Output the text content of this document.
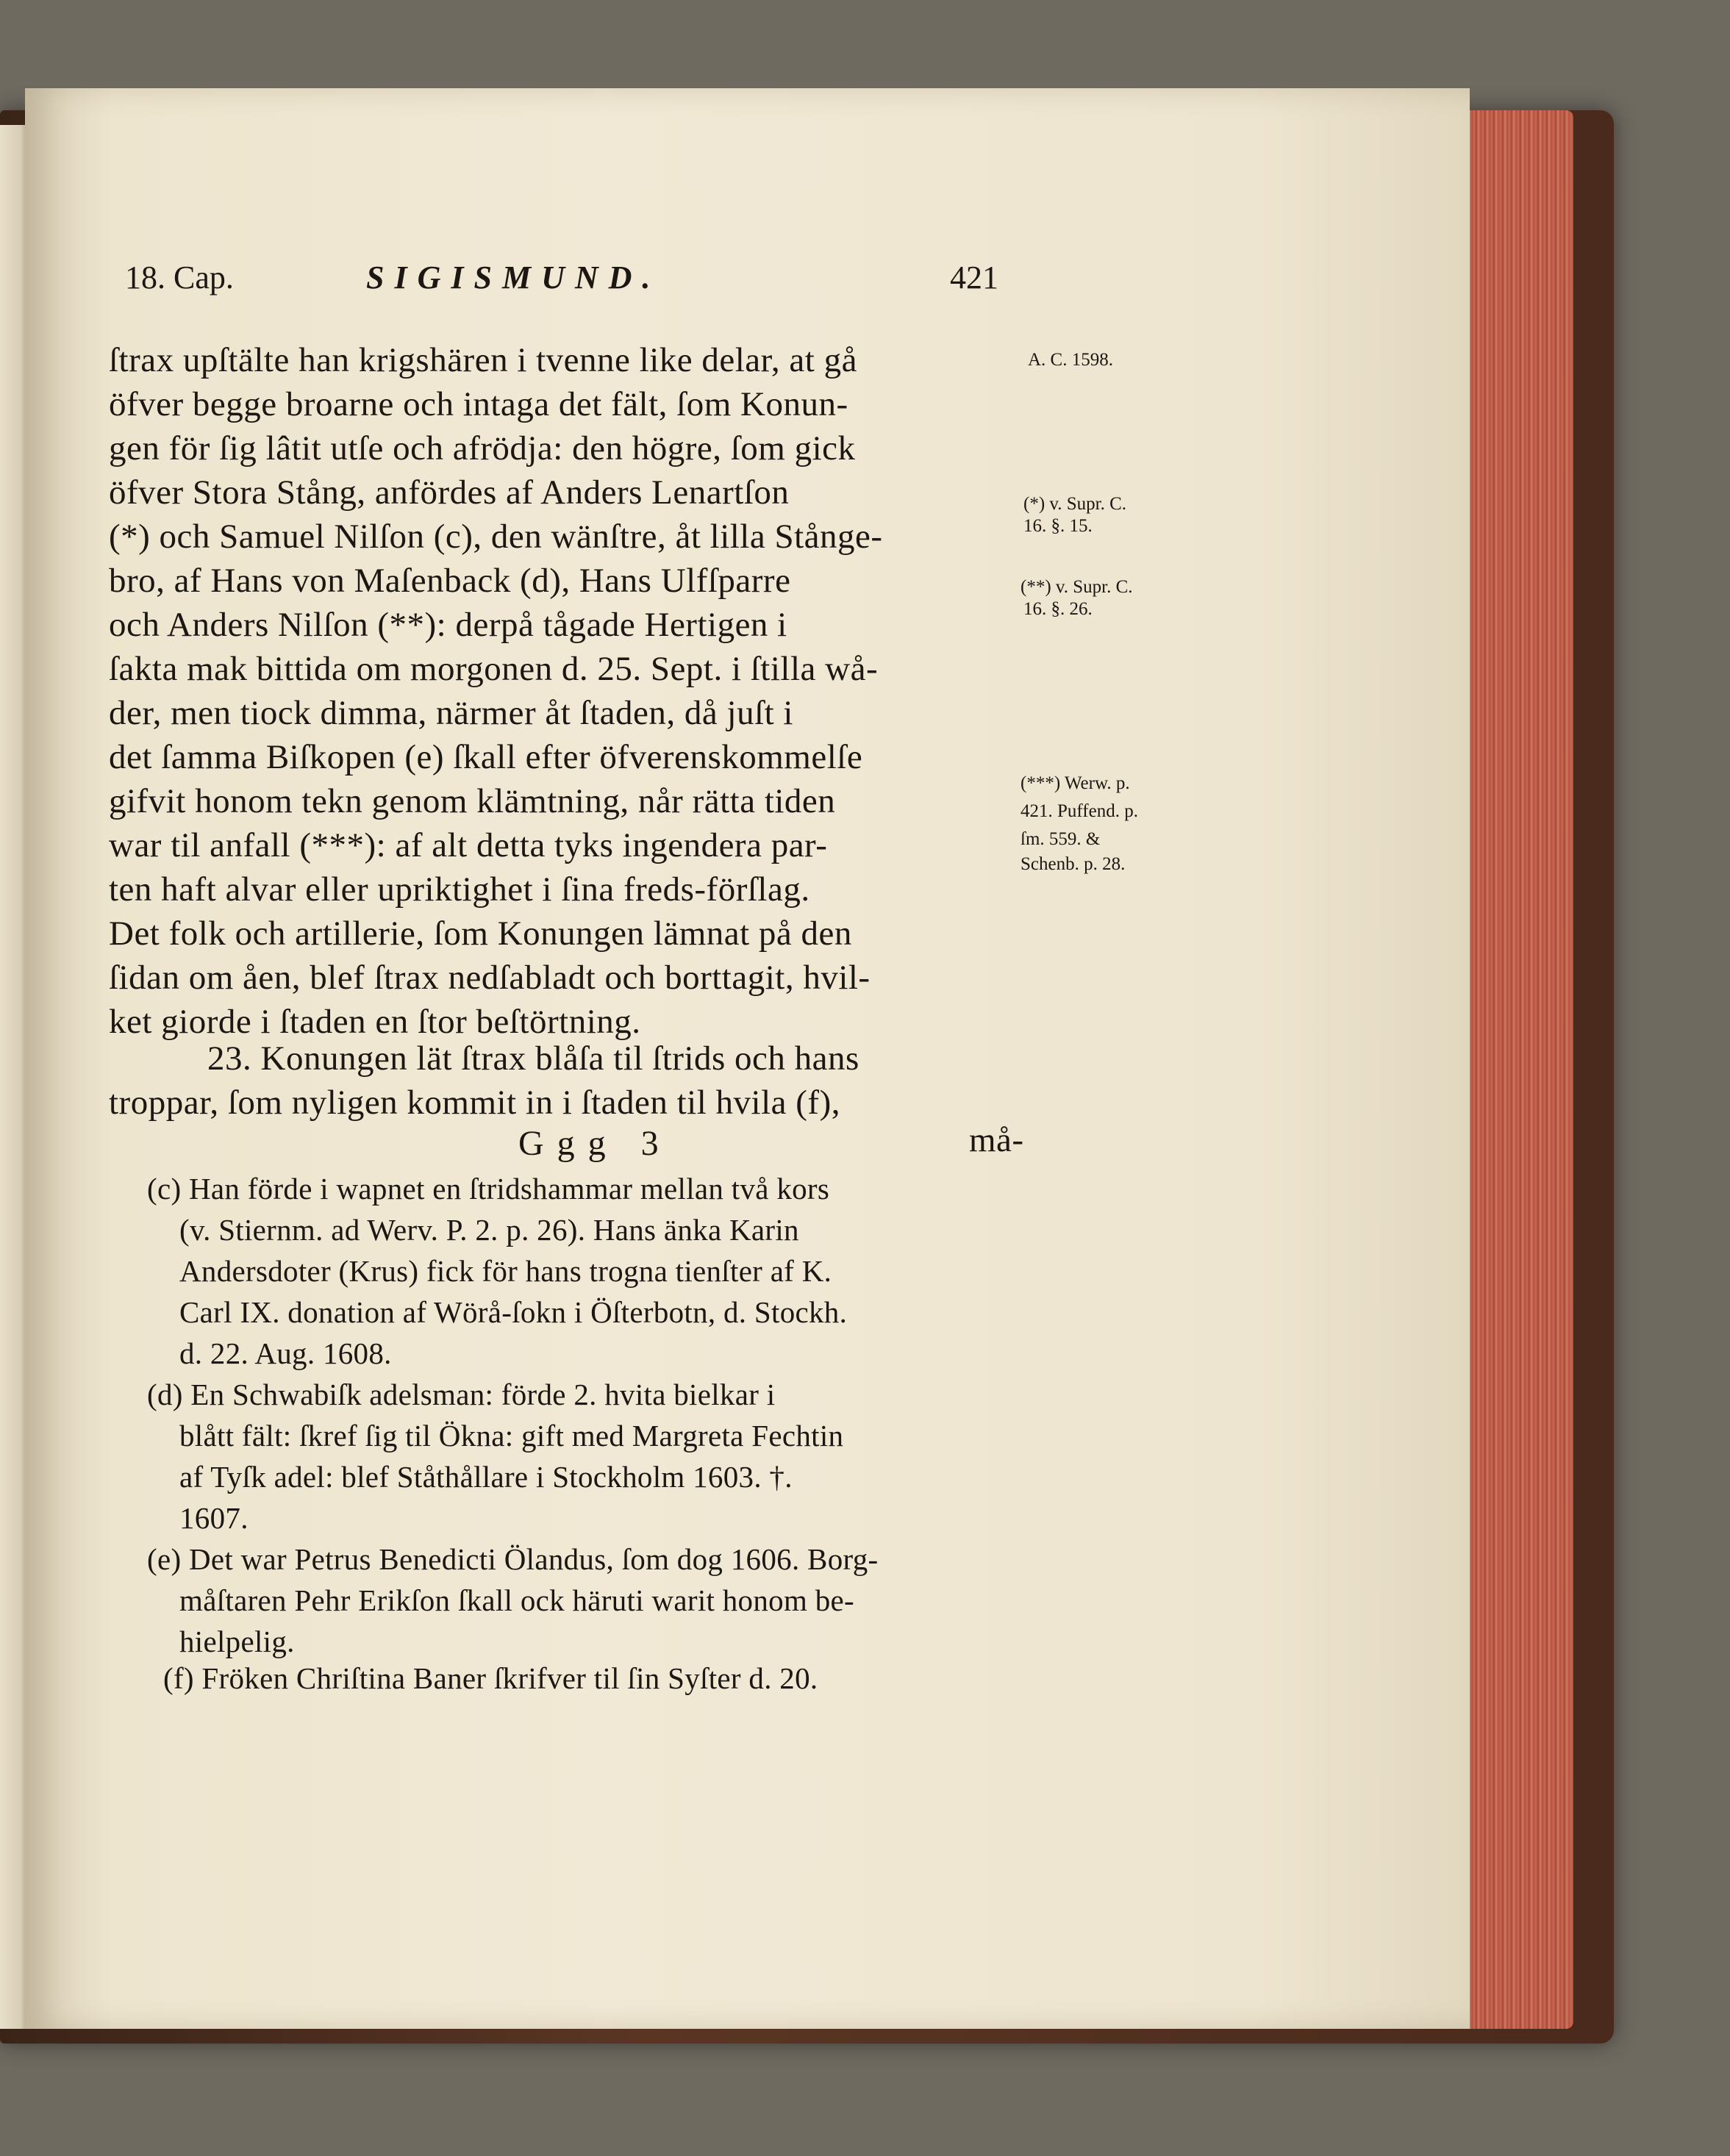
18. Cap.	SIGISMUND.	421

ſtrax upſtälte han krigshären i tvenne like delar, at gå

öfver begge broarne och intaga det fält, ſom Konun-

gen för ſig lâtit utſe och afrödja: den högre, ſom gick

öfver Stora Stång, anfördes af Anders Lenartſon

(*) och Samuel Nilſon (c), den wänſtre, åt lilla Stånge-

bro, af Hans von Maſenback (d), Hans Ulfſparre

och Anders Nilſon (**): derpå tågade Hertigen i

ſakta mak bittida om morgonen d. 25. Sept. i ſtilla wå-

der, men tiock dimma, närmer åt ſtaden, då juſt i

det ſamma Biſkopen (e) ſkall efter öfverenskommelſe

gifvit honom tekn genom klämtning, når rätta tiden

war til anfall (***): af alt detta tyks ingendera par-

ten haft alvar eller upriktighet i ſina freds-förſlag.

Det folk och artillerie, ſom Konungen lämnat på den

ſidan om åen, blef ſtrax nedſabladt och borttagit, hvil-

ket giorde i ſtaden en ſtor beſtörtning.

23. Konungen lät ſtrax blåſa til ſtrids och hans

troppar, ſom nyligen kommit in i ſtaden til hvila (f),

Ggg 3	må-
A. C. 1598.
(*) v. Supr. C.
16. §. 15.
(**) v. Supr. C.
16. §. 26.
(***) Werw. p.
421. Puffend. p.
ſm. 559. &
Schenb. p. 28.

(c) Han förde i wapnet en ſtridshammar mellan två kors

(v. Stiernm. ad Werv. P. 2. p. 26). Hans änka Karin

Andersdoter (Krus) fick för hans trogna tienſter af K.

Carl IX. donation af Wörå-ſokn i Öſterbotn, d. Stockh.

d. 22. Aug. 1608.

(d) En Schwabiſk adelsman: förde 2. hvita bielkar i

blått fält: ſkref ſig til Ökna: gift med Margreta Fechtin

af Tyſk adel: blef Ståthållare i Stockholm 1603. †.

1607.

(e) Det war Petrus Benedicti Ölandus, ſom dog 1606. Borg-

måſtaren Pehr Erikſon ſkall ock häruti warit honom be-

hielpelig.

(f) Fröken Chriſtina Baner ſkrifver til ſin Syſter d. 20.
